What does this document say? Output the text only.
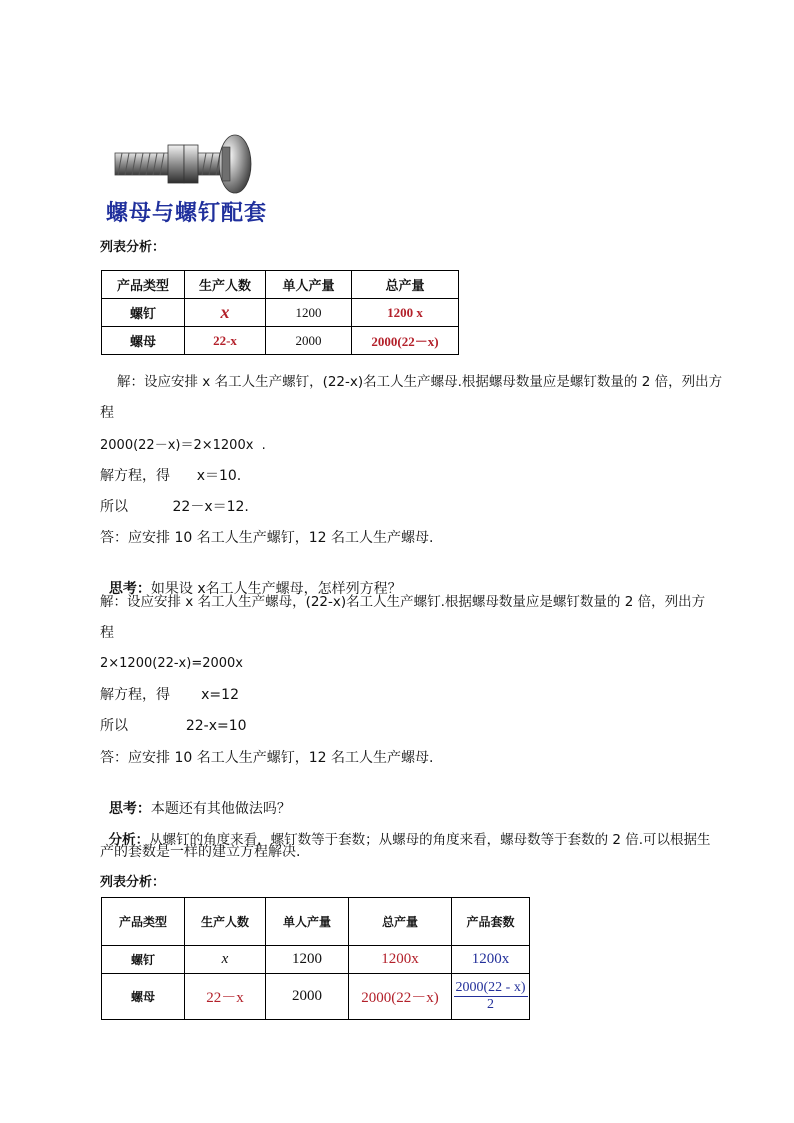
螺母与螺钉配套
列表分析：
产品类型	生产人数	单人产量	总产量
螺钉	x	1200	1200 x
螺母	22-x	2000	2000(22－x)
解：设应安排 x 名工人生产螺钉，(22-x)名工人生产螺母.根据螺母数量应是螺钉数量的 2 倍，列出方
程
2000(22－x)＝2×1200x  .
解方程，得      x＝10.
所以          22－x＝12.
答：应安排 10 名工人生产螺钉，12 名工人生产螺母.

思考：如果设 x名工人生产螺母，怎样列方程？

解：设应安排 x 名工人生产螺母，(22-x)名工人生产螺钉.根据螺母数量应是螺钉数量的 2 倍，列出方
程
2×1200(22-x)=2000x
解方程，得       x=12
所以             22-x=10
答：应安排 10 名工人生产螺钉，12 名工人生产螺母.

思考：本题还有其他做法吗？

分析：从螺钉的角度来看，螺钉数等于套数；从螺母的角度来看，螺母数等于套数的 2 倍.可以根据生

产的套数是一样的建立方程解决.
列表分析：
产品类型	生产人数	单人产量	总产量	产品套数
螺钉	x	1200	1200x	1200x
螺母	22－x	2000	2000(22－x)	$\frac{2000(22 - x)}{2}$
